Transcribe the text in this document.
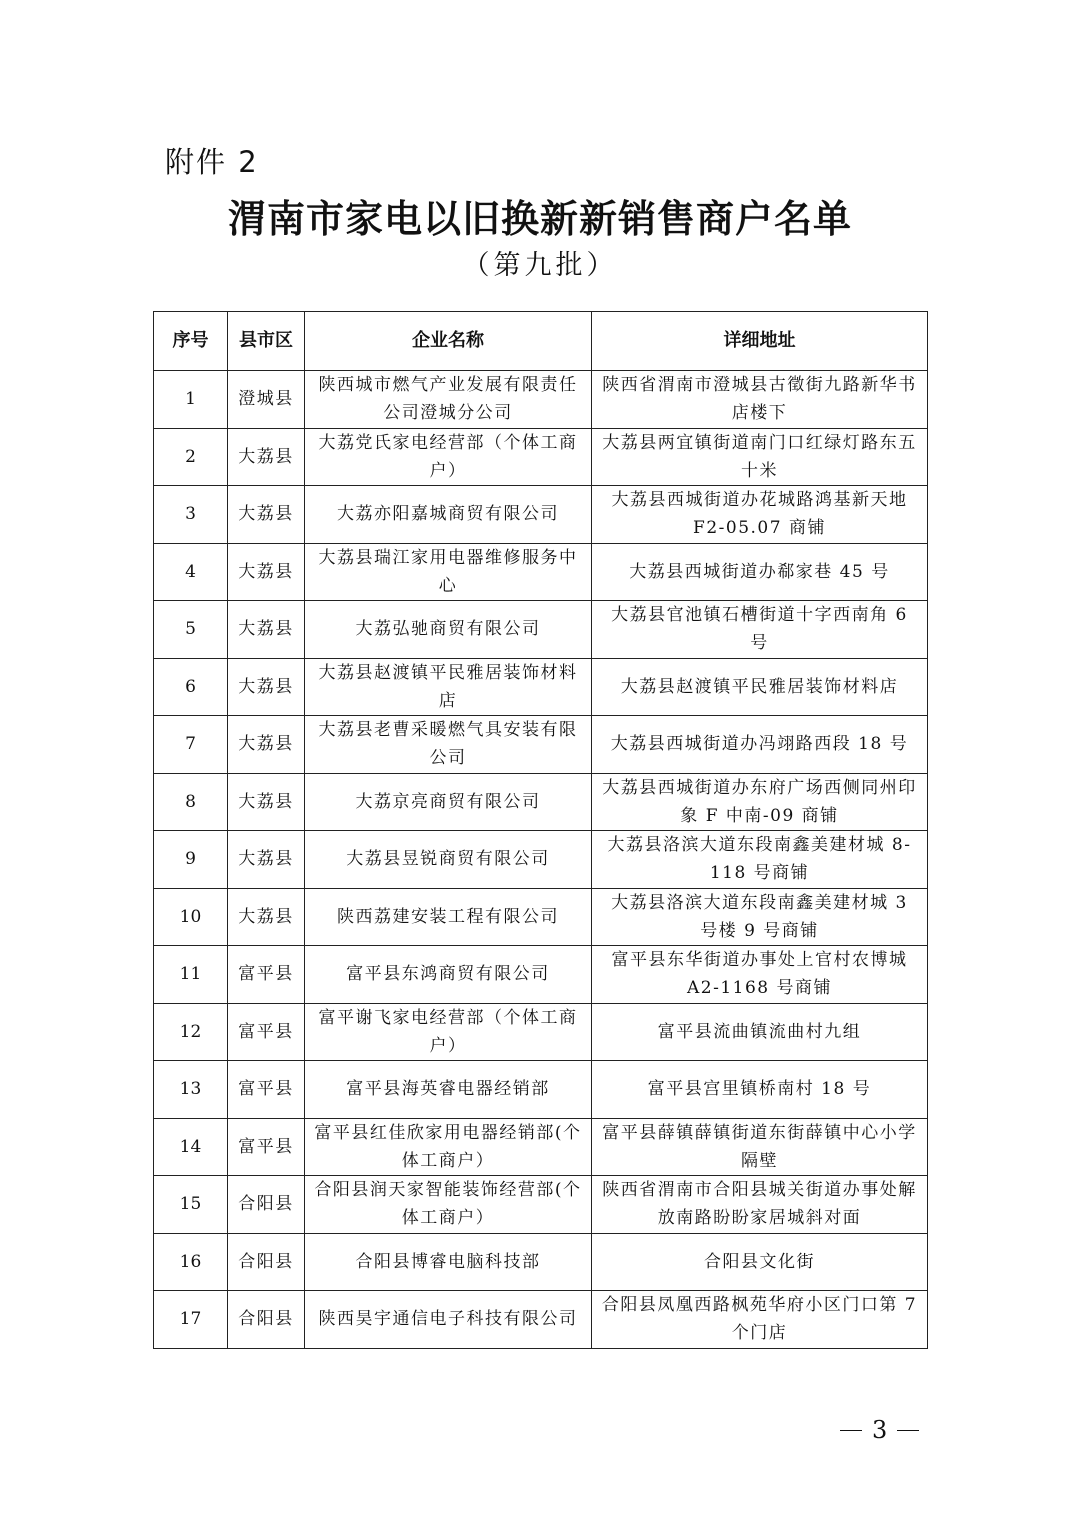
附件 2
渭南市家电以旧换新新销售商户名单
（第九批）
序号	县市区	企业名称	详细地址
1	澄城县	陕西城市燃气产业发展有限责任公司澄城分公司	陕西省渭南市澄城县古徵街九路新华书店楼下
2	大荔县	大荔党氏家电经营部（个体工商户）	大荔县两宜镇街道南门口红绿灯路东五十米
3	大荔县	大荔亦阳嘉城商贸有限公司	大荔县西城街道办花城路鸿基新天地F2-05.07 商铺
4	大荔县	大荔县瑞江家用电器维修服务中心	大荔县西城街道办郗家巷 45 号
5	大荔县	大荔弘驰商贸有限公司	大荔县官池镇石槽街道十字西南角 6 号
6	大荔县	大荔县赵渡镇平民雅居装饰材料店	大荔县赵渡镇平民雅居装饰材料店
7	大荔县	大荔县老曹采暖燃气具安装有限公司	大荔县西城街道办冯翊路西段 18 号
8	大荔县	大荔京亮商贸有限公司	大荔县西城街道办东府广场西侧同州印象 F 中南-09 商铺
9	大荔县	大荔县昱锐商贸有限公司	大荔县洛滨大道东段南鑫美建材城 8-118 号商铺
10	大荔县	陕西荔建安装工程有限公司	大荔县洛滨大道东段南鑫美建材城 3 号楼 9 号商铺
11	富平县	富平县东鸿商贸有限公司	富平县东华街道办事处上官村农博城 A2-1168 号商铺
12	富平县	富平谢飞家电经营部（个体工商户）	富平县流曲镇流曲村九组
13	富平县	富平县海英睿电器经销部	富平县宫里镇桥南村 18 号
14	富平县	富平县红佳欣家用电器经销部(个体工商户）	富平县薛镇薛镇街道东街薛镇中心小学隔壁
15	合阳县	合阳县润天家智能装饰经营部(个体工商户）	陕西省渭南市合阳县城关街道办事处解放南路盼盼家居城斜对面
16	合阳县	合阳县博睿电脑科技部	合阳县文化街
17	合阳县	陕西昊宇通信电子科技有限公司	合阳县凤凰西路枫苑华府小区门口第 7 个门店
3
